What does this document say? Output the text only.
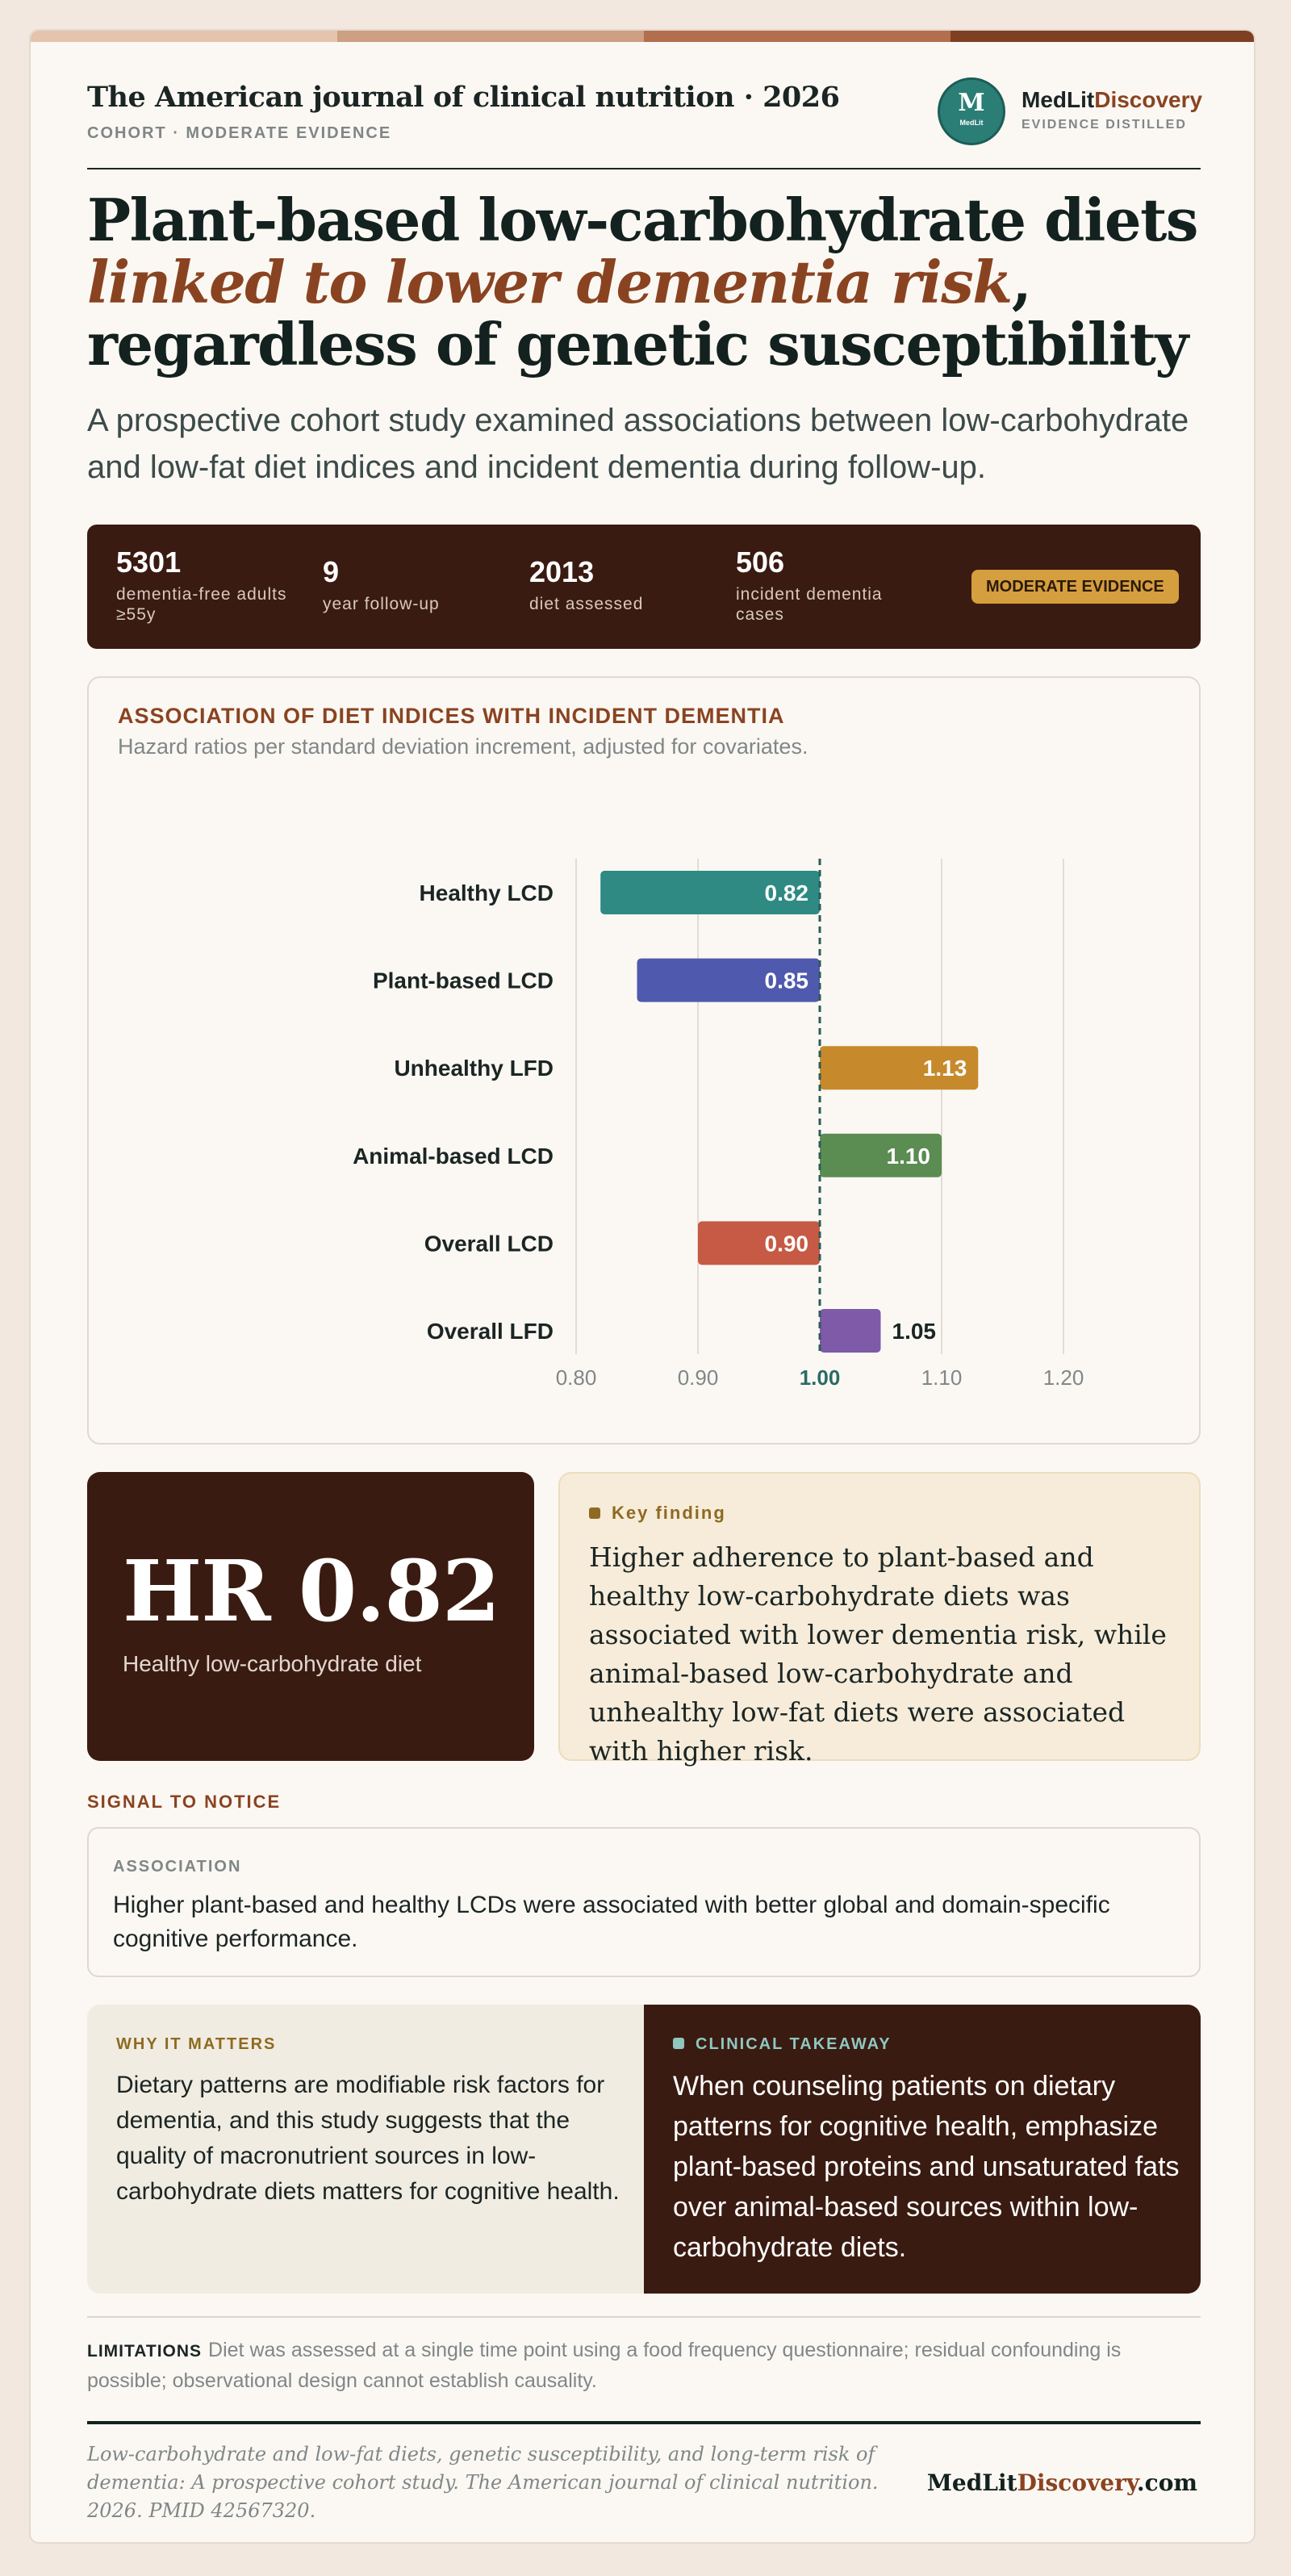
The American journal of clinical nutrition · 2026
COHORT · MODERATE EVIDENCE
M
MedLit
MedLitDiscovery
EVIDENCE DISTILLED
Plant-based low-carbohydrate diets linked to lower dementia risk, regardless of genetic susceptibility

A prospective cohort study examined associations between low-carbohydrate and low-fat diet indices and incident dementia during follow-up.

5301
dementia-free adults ≥55y
9
year follow-up
2013
diet assessed
506
incident dementia cases
MODERATE EVIDENCE
ASSOCIATION OF DIET INDICES WITH INCIDENT DEMENTIA
Hazard ratios per standard deviation increment, adjusted for covariates.
0.80	0.90	1.00	1.10	1.20
Healthy LCD	0.82
Plant-based LCD	0.85
Unhealthy LFD	1.13
Animal-based LCD	1.10
Overall LCD	0.90
Overall LFD	1.05
HR 0.82
Healthy low-carbohydrate diet
Key finding
Higher adherence to plant-based and healthy low-carbohydrate diets was associated with lower dementia risk, while animal-based low-carbohydrate and unhealthy low-fat diets were associated with higher risk.
SIGNAL TO NOTICE
ASSOCIATION
Higher plant-based and healthy LCDs were associated with better global and domain-specific cognitive performance.
WHY IT MATTERS
Dietary patterns are modifiable risk factors for dementia, and this study suggests that the quality of macronutrient sources in low-carbohydrate diets matters for cognitive health.
CLINICAL TAKEAWAY
When counseling patients on dietary patterns for cognitive health, emphasize plant-based proteins and unsaturated fats over animal-based sources within low-carbohydrate diets.
LIMITATIONS Diet was assessed at a single time point using a food frequency questionnaire; residual confounding is possible; observational design cannot establish causality.
Low-carbohydrate and low-fat diets, genetic susceptibility, and long-term risk of dementia: A prospective cohort study. The American journal of clinical nutrition. 2026. PMID 42567320.
MedLitDiscovery.com
